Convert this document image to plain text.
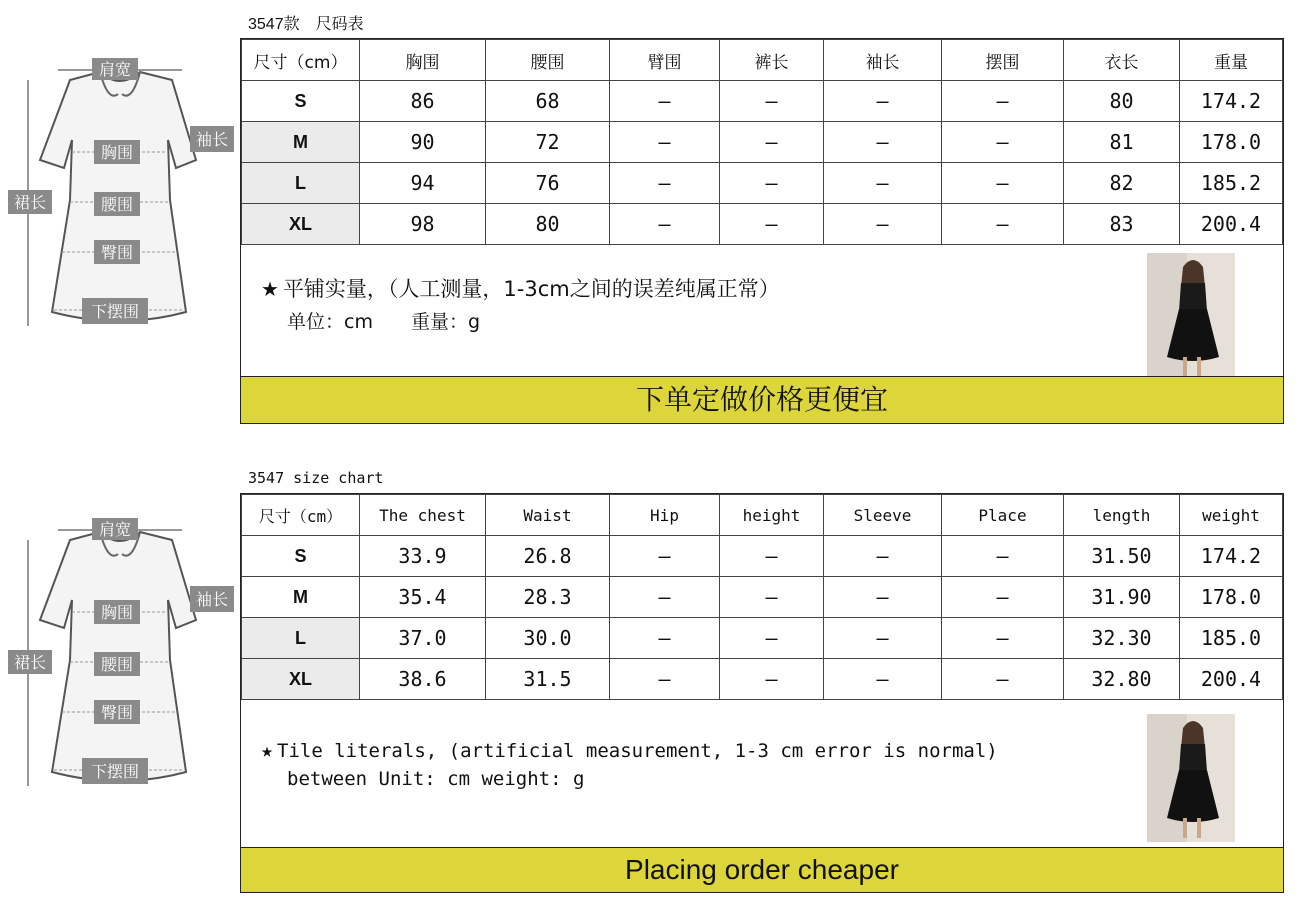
肩宽
袖长
胸围
裙长	腰围
臀围
下摆围
3547款　尺码表
尺寸（cm）	胸围	腰围	臂围	裤长	袖长	摆围	衣长	重量
S	86	68	—	—	—	—	80	174.2
M	90	72	—	—	—	—	81	178.0
L	94	76	—	—	—	—	82	185.2
XL	98	80	—	—	—	—	83	200.4
★ 平铺实量，（人工测量，1-3cm之间的误差纯属正常）
单位：cm　　重量：g
下单定做价格更便宜
肩宽
袖长
胸围
裙长	腰围
臀围
下摆围
3547 size chart
尺寸（cm）	The chest	Waist	Hip	height	Sleeve	Place	length	weight
S	33.9	26.8	—	—	—	—	31.50	174.2
M	35.4	28.3	—	—	—	—	31.90	178.0
L	37.0	30.0	—	—	—	—	32.30	185.0
XL	38.6	31.5	—	—	—	—	32.80	200.4
★ Tile literals, (artificial measurement, 1-3 cm error is normal)
between Unit: cm weight: g
Placing order cheaper
